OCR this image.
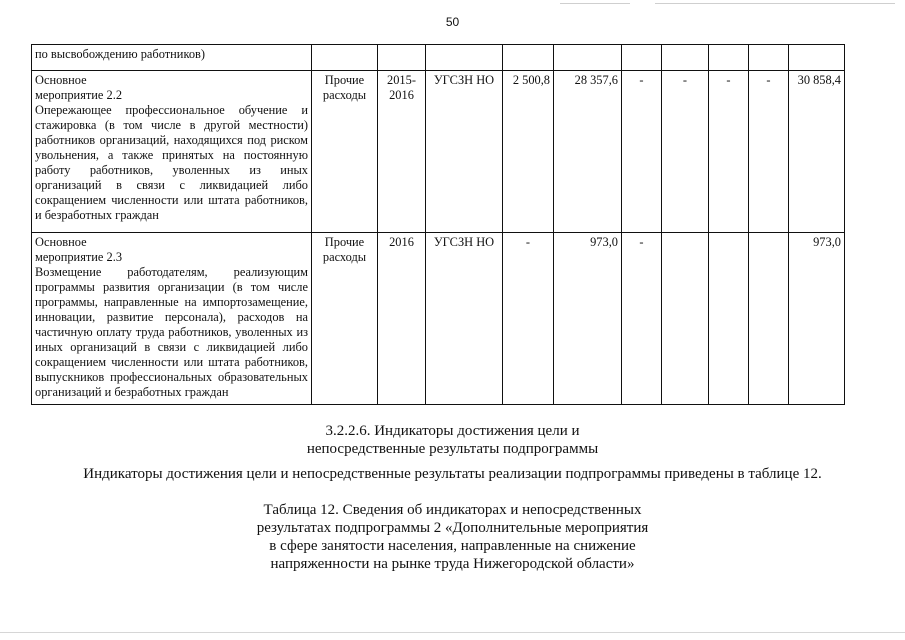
50
по высвобождению работников)										

Основное
мероприятие 2.2
Опережающее профессиональное обучение и стажировка (в том числе в другой местности) работников организаций, находящихся под риском увольнения, а также принятых на постоянную работу работников, уволенных из иных организаций в связи с ликвидацией либо сокращением численности или штата работников, и безработных граждан	Прочие расходы	2015-2016	УГСЗН НО	2 500,8	28 357,6	-	-	-	-	30 858,4

Основное
мероприятие 2.3
Возмещение работодателям, реализующим программы развития организации (в том числе программы, направленные на импортозамещение, инновации, развитие персонала), расходов на частичную оплату труда работников, уволенных из иных организаций в связи с ликвидацией либо сокращением численности или штата работников, выпускников профессиональных образовательных организаций и безработных граждан	Прочие расходы	2016	УГСЗН НО	-	973,0	-				973,0
3.2.2.6. Индикаторы достижения цели и
непосредственные результаты подпрограммы
Индикаторы достижения цели и непосредственные результаты реализации подпрограммы приведены в таблице 12.
Таблица 12. Сведения об индикаторах и непосредственных
результатах подпрограммы 2 «Дополнительные мероприятия
в сфере занятости населения, направленные на снижение
напряженности на рынке труда Нижегородской области»
